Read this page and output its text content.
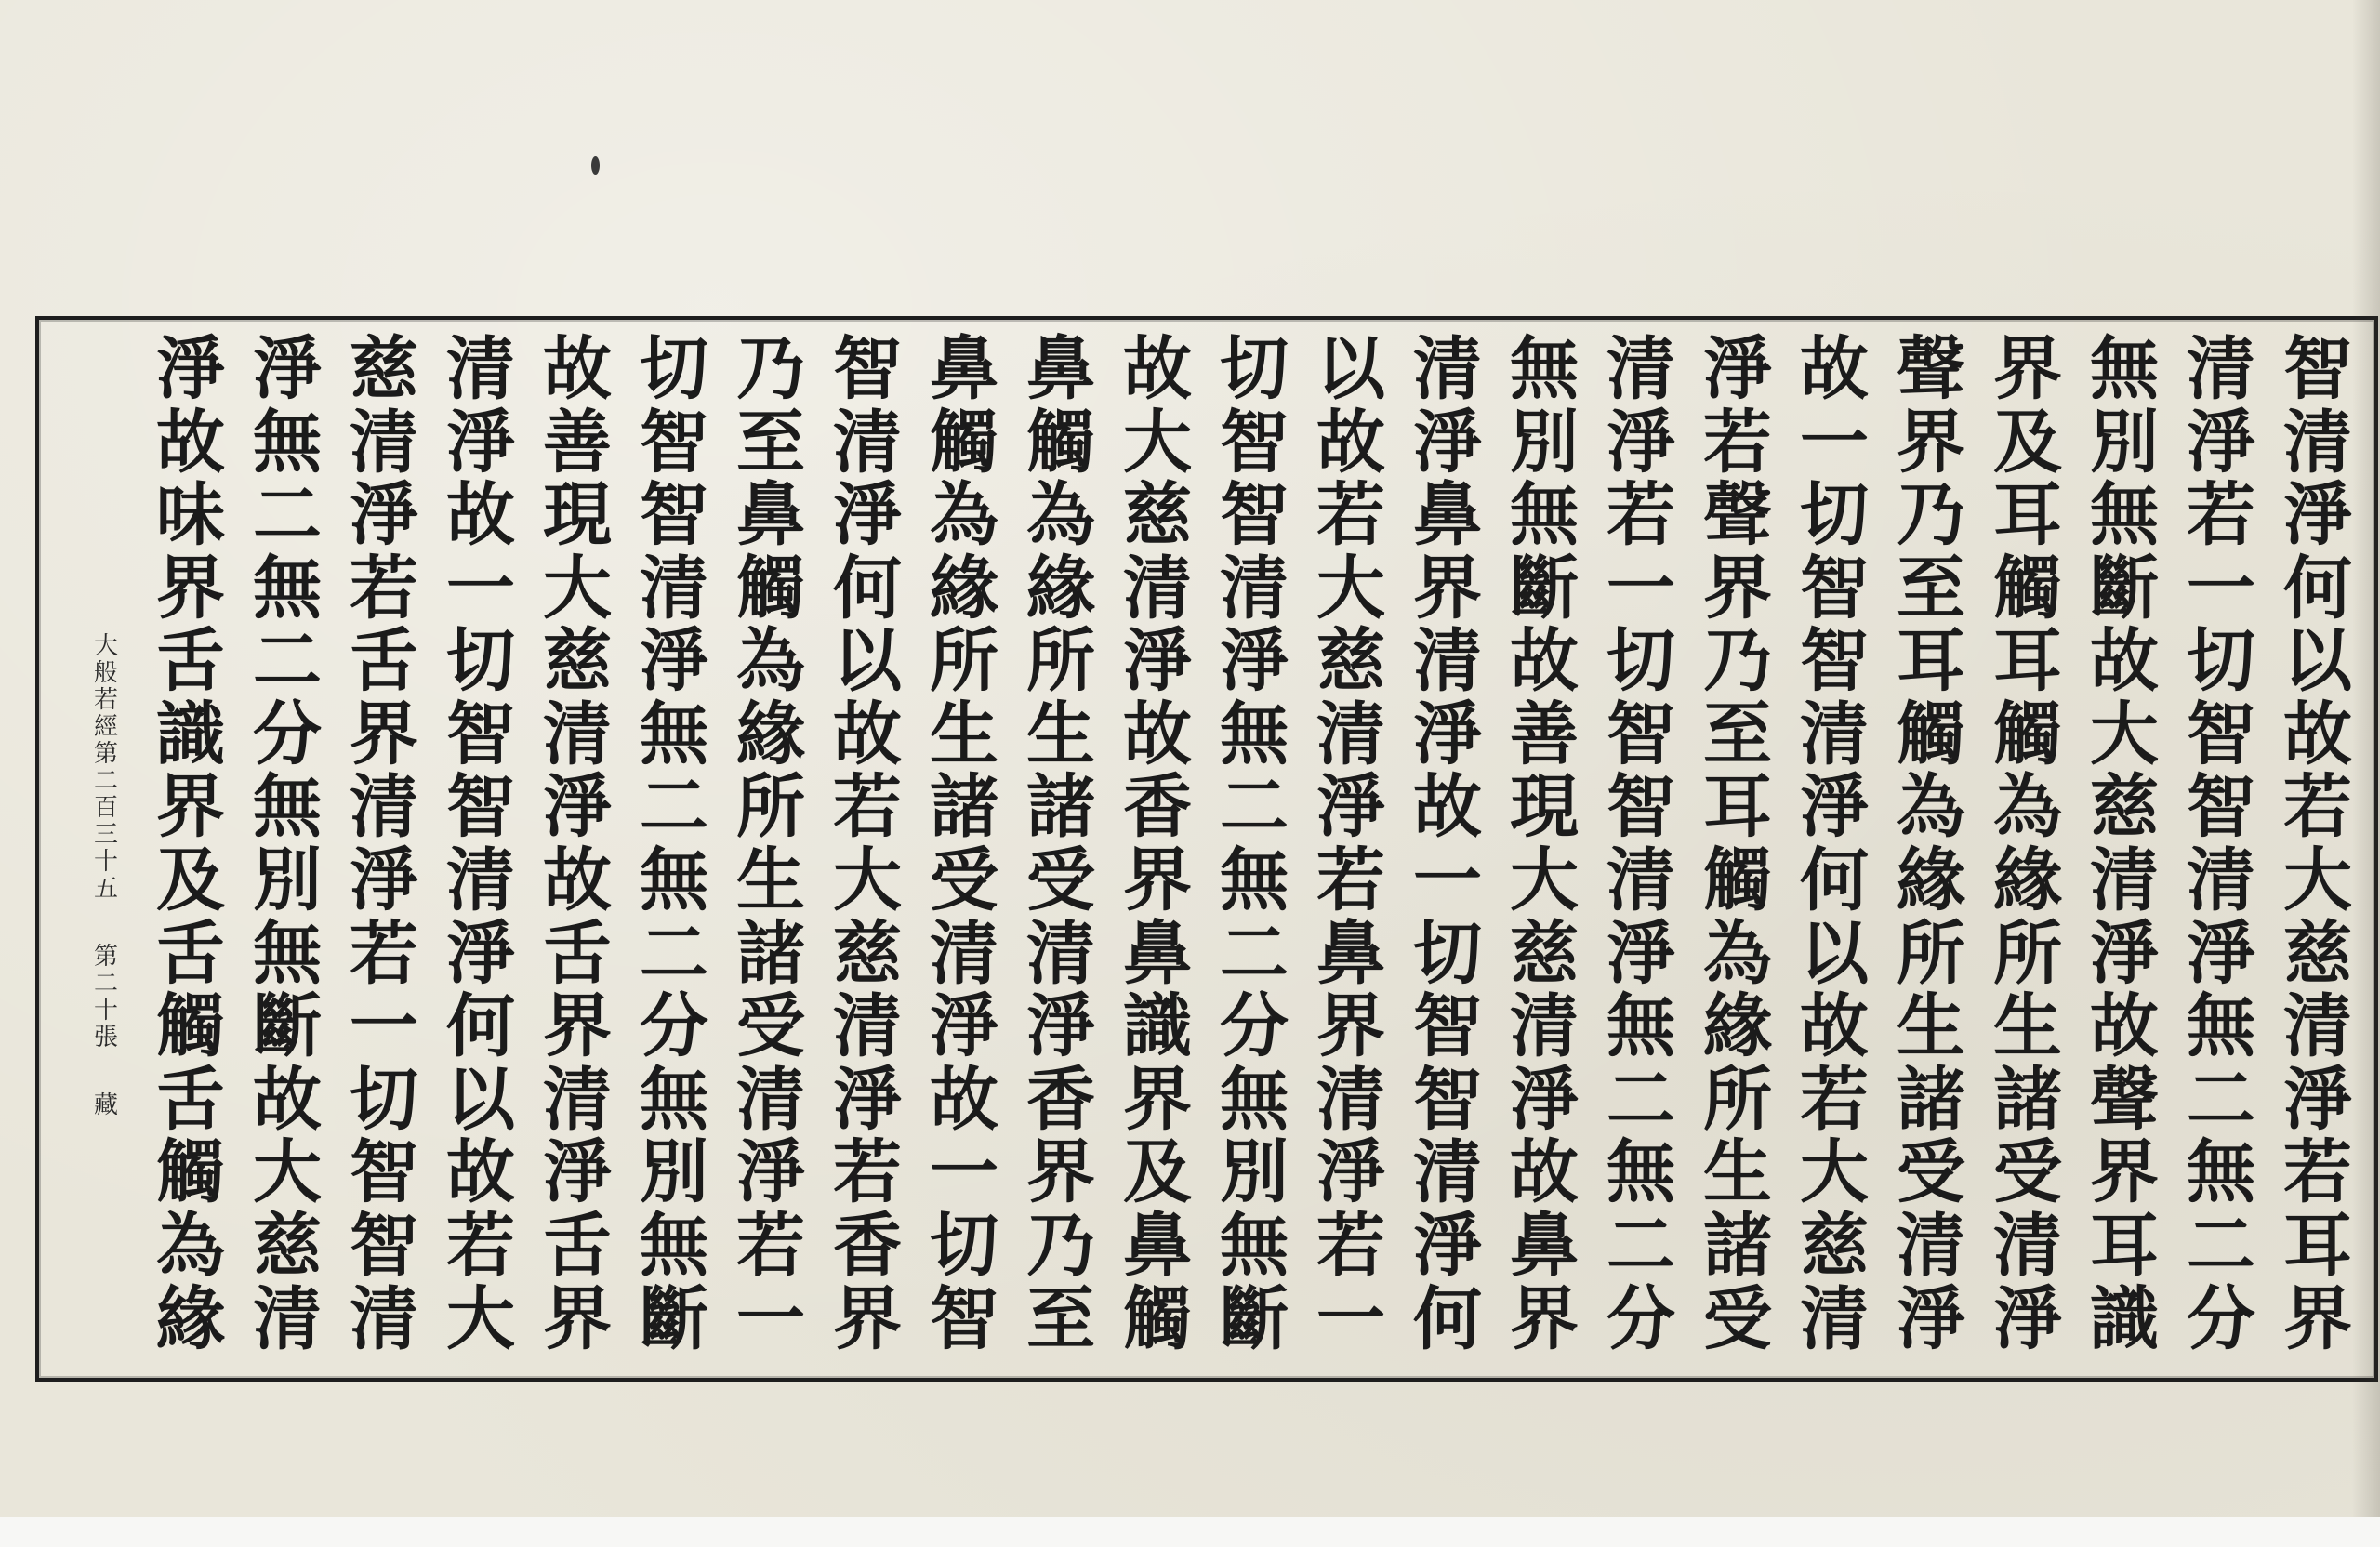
智
清
淨
何
以
故
若
大
慈
清
淨
若
耳
界
清
淨
若
一
切
智
智
清
淨
無
二
無
二
分
無
別
無
斷
故
大
慈
清
淨
故
聲
界
耳
識
界
及
耳
觸
耳
觸
為
緣
所
生
諸
受
清
淨
聲
界
乃
至
耳
觸
為
緣
所
生
諸
受
清
淨
故
一
切
智
智
清
淨
何
以
故
若
大
慈
清
淨
若
聲
界
乃
至
耳
觸
為
緣
所
生
諸
受
清
淨
若
一
切
智
智
清
淨
無
二
無
二
分
無
別
無
斷
故
善
現
大
慈
清
淨
故
鼻
界
清
淨
鼻
界
清
淨
故
一
切
智
智
清
淨
何
以
故
若
大
慈
清
淨
若
鼻
界
清
淨
若
一
切
智
智
清
淨
無
二
無
二
分
無
別
無
斷
故
大
慈
清
淨
故
香
界
鼻
識
界
及
鼻
觸
鼻
觸
為
緣
所
生
諸
受
清
淨
香
界
乃
至
鼻
觸
為
緣
所
生
諸
受
清
淨
故
一
切
智
智
清
淨
何
以
故
若
大
慈
清
淨
若
香
界
乃
至
鼻
觸
為
緣
所
生
諸
受
清
淨
若
一
切
智
智
清
淨
無
二
無
二
分
無
別
無
斷
故
善
現
大
慈
清
淨
故
舌
界
清
淨
舌
界
清
淨
故
一
切
智
智
清
淨
何
以
故
若
大
慈
清
淨
若
舌
界
清
淨
若
一
切
智
智
清
淨
無
二
無
二
分
無
別
無
斷
故
大
慈
清
淨
故
味
界
舌
識
界
及
舌
觸
舌
觸
為
緣
大
般
若
經
第
二
百
三
十
五
第
二
十
張
藏
